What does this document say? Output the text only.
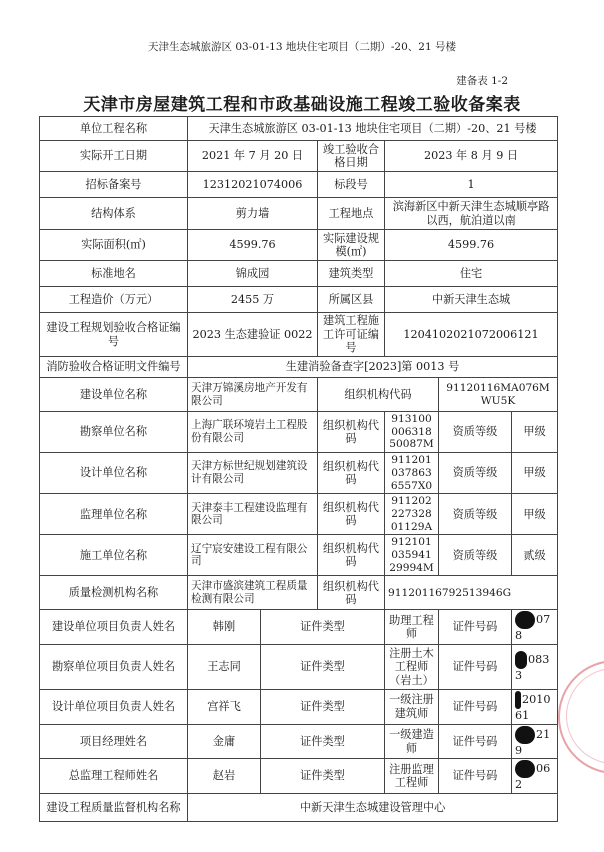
天津生态城旅游区 03-01-13 地块住宅项目（二期）-20、21 号楼
建备表 1-2
天津市房屋建筑工程和市政基础设施工程竣工验收备案表
单位工程名称	天津生态城旅游区 03-01-13 地块住宅项目（二期）-20、21 号楼					
实际开工日期	2021 年 7 月 20 日		竣工验收合格日期	2023 年 8 月 9 日		
招标备案号	12312021074006		标段号	1		
结构体系	剪力墙		工程地点	滨海新区中新天津生态城顺亭路以西，航泊道以南		
实际面积(㎡)	4599.76		实际建设规模(㎡)	4599.76		
标准地名	锦成园		建筑类型	住宅		
工程造价（万元）	2455 万		所属区县	中新天津生态城		
建设工程规划验收合格证编号	2023 生态建验证 0022		建筑工程施工许可证编号	1204102021072006121		
消防验收合格证明文件编号	生建消验备查字[2023]第 0013 号					
建设单位名称	天津万锦溪房地产开发有限公司		组织机构代码		91120116MA076MWU5K	
勘察单位名称	上海广联环境岩土工程股份有限公司		组织机构代码	913100006318 50087M	资质等级	甲级
设计单位名称	天津方标世纪规划建筑设计有限公司		组织机构代码	911201037863 6557X0	资质等级	甲级
监理单位名称	天津泰丰工程建设监理有限公司		组织机构代码	911202227328 01129A	资质等级	甲级
施工单位名称	辽宁宸安建设工程有限公司		组织机构代码	912101035941 29994M	资质等级	贰级
质量检测机构名称	天津市盛滨建筑工程质量检测有限公司		组织机构代码	91120116792513946G		
建设单位项目负责人姓名	韩刚	证件类型		助理工程师	证件号码	078
勘察单位项目负责人姓名	王志同	证件类型		注册土木工程师（岩土）	证件号码	0833
设计单位项目负责人姓名	宫祥飞	证件类型		一级注册建筑师	证件号码	201061
项目经理姓名	金庸	证件类型		一级建造师	证件号码	219
总监理工程师姓名	赵岩	证件类型		注册监理工程师	证件号码	062
建设工程质量监督机构名称	中新天津生态城建设管理中心					
